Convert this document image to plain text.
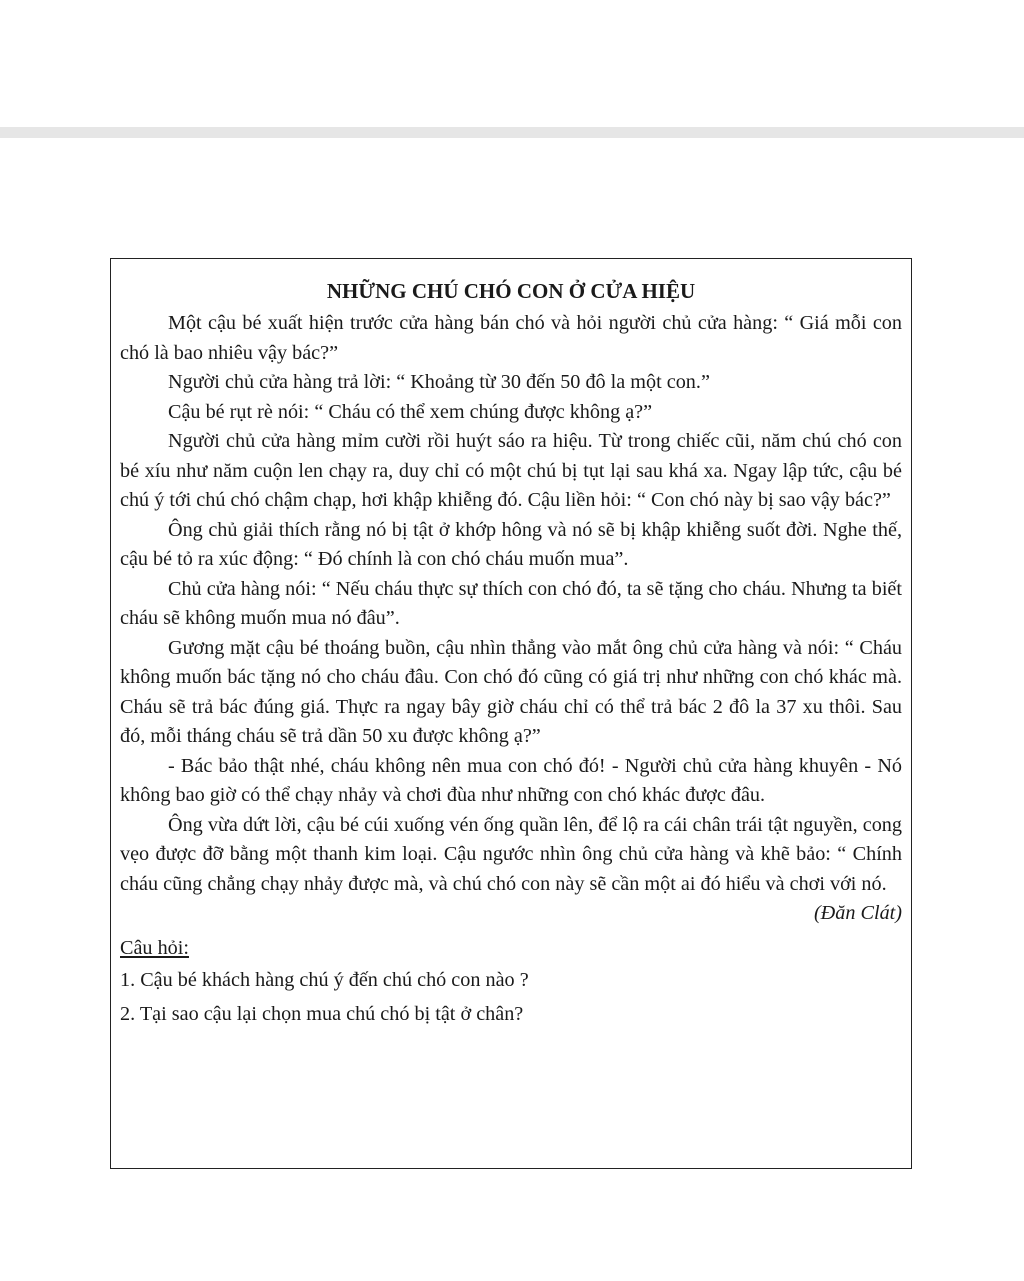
NHỮNG CHÚ CHÓ CON Ở CỬA HIỆU

Một cậu bé xuất hiện trước cửa hàng bán chó và hỏi người chủ cửa hàng: “ Giá mỗi con chó là bao nhiêu vậy bác?”

Người chủ cửa hàng trả lời: “ Khoảng từ 30 đến 50 đô la một con.”

Cậu bé rụt rè nói: “ Cháu có thể xem chúng được không ạ?”

Người chủ cửa hàng mỉm cười rồi huýt sáo ra hiệu. Từ trong chiếc cũi, năm chú chó con bé xíu như năm cuộn len chạy ra, duy chỉ có một chú bị tụt lại sau khá xa. Ngay lập tức, cậu bé chú ý tới chú chó chậm chạp, hơi khập khiễng đó. Cậu liền hỏi: “ Con chó này bị sao vậy bác?”

Ông chủ giải thích rằng nó bị tật ở khớp hông và nó sẽ bị khập khiễng suốt đời. Nghe thế, cậu bé tỏ ra xúc động: “ Đó chính là con chó cháu muốn mua”.

Chủ cửa hàng nói: “ Nếu cháu thực sự thích con chó đó, ta sẽ tặng cho cháu. Nhưng ta biết cháu sẽ không muốn mua nó đâu”.

Gương mặt cậu bé thoáng buồn, cậu nhìn thẳng vào mắt ông chủ cửa hàng và nói: “ Cháu không muốn bác tặng nó cho cháu đâu. Con chó đó cũng có giá trị như những con chó khác mà. Cháu sẽ trả bác đúng giá. Thực ra ngay bây giờ cháu chỉ có thể trả bác 2 đô la 37 xu thôi. Sau đó, mỗi tháng cháu sẽ trả dần 50 xu được không ạ?”

- Bác bảo thật nhé, cháu không nên mua con chó đó! - Người chủ cửa hàng khuyên - Nó không bao giờ có thể chạy nhảy và chơi đùa như những con chó khác được đâu.

Ông vừa dứt lời, cậu bé cúi xuống vén ống quần lên, để lộ ra cái chân trái tật nguyền, cong vẹo được đỡ bằng một thanh kim loại. Cậu ngước nhìn ông chủ cửa hàng và khẽ bảo: “ Chính cháu cũng chẳng chạy nhảy được mà, và chú chó con này sẽ cần một ai đó hiểu và chơi với nó.

(Đăn Clát)

Câu hỏi:
1. Cậu bé khách hàng chú ý đến chú chó con nào ?
2. Tại sao cậu lại chọn mua chú chó bị tật ở chân?
